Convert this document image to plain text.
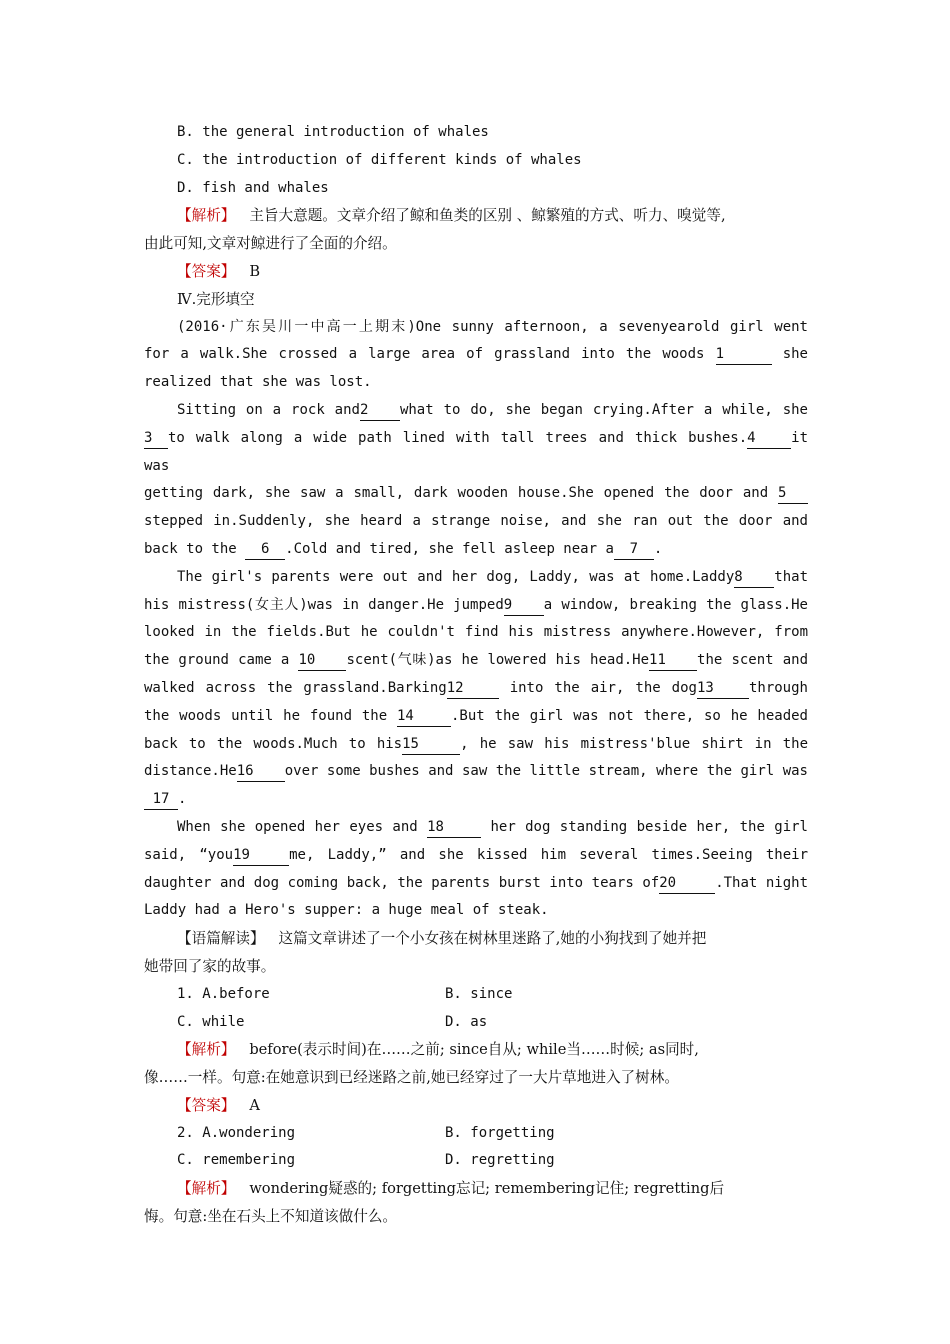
B. the general introduction of whales
C. the introduction of different kinds of whales
D. fish and whales
【解析】 主旨大意题。文章介绍了鲸和鱼类的区别 、鲸繁殖的方式、听力、嗅觉等,
由此可知,文章对鲸进行了全面的介绍。
【答案】 B
Ⅳ.完形填空
(2016·广东吴川一中高一上期末)One sunny afternoon, a sevenyearold girl went
for a walk.She crossed a large area of grassland into the woods 1	she
realized that she was lost.
Sitting on a rock and2 what to do, she began crying.After a while, she
3 to walk along a wide path lined with tall trees and thick bushes.4	it was
getting dark, she saw a small, dark wooden house.She opened the door and 5
stepped in.Suddenly, she heard a strange noise, and she ran out the door and
back to the 6 .Cold and tired, she fell asleep near a 7 .
The girl's parents were out and her dog, Laddy, was at home.Laddy8 that
his mistress(女主人)was in danger.He jumped9 a window, breaking the glass.He
looked in the fields.But he couldn't find his mistress anywhere.However, from
the ground came a 10 scent(气味)as he lowered his head.He11 the scent and
walked across the grassland.Barking12	into the air, the dog13	through
the woods until he found the 14	.But the girl was not there, so he headed
back to the woods.Much to his15	, he saw his mistress'blue shirt in the
distance.He16 over some bushes and saw the little stream, where the girl was
17 .
When she opened her eyes and 18	her dog standing beside her, the girl
said, “you19	me, Laddy,” and she kissed him several times.Seeing their
daughter and dog coming back, the parents burst into tears of20	.That night
Laddy had a Hero's supper: a huge meal of steak.
【语篇解读】 这篇文章讲述了一个小女孩在树林里迷路了,她的小狗找到了她并把
她带回了家的故事。
1. A.before	B. since
C. while	D. as
【解析】 before(表示时间)在……之前; since自从; while当……时候; as同时,
像……一样。句意:在她意识到已经迷路之前,她已经穿过了一大片草地进入了树林。
【答案】 A
2. A.wondering	B. forgetting
C. remembering	D. regretting
【解析】 wondering疑惑的; forgetting忘记; remembering记住; regretting后
悔。句意:坐在石头上不知道该做什么。
